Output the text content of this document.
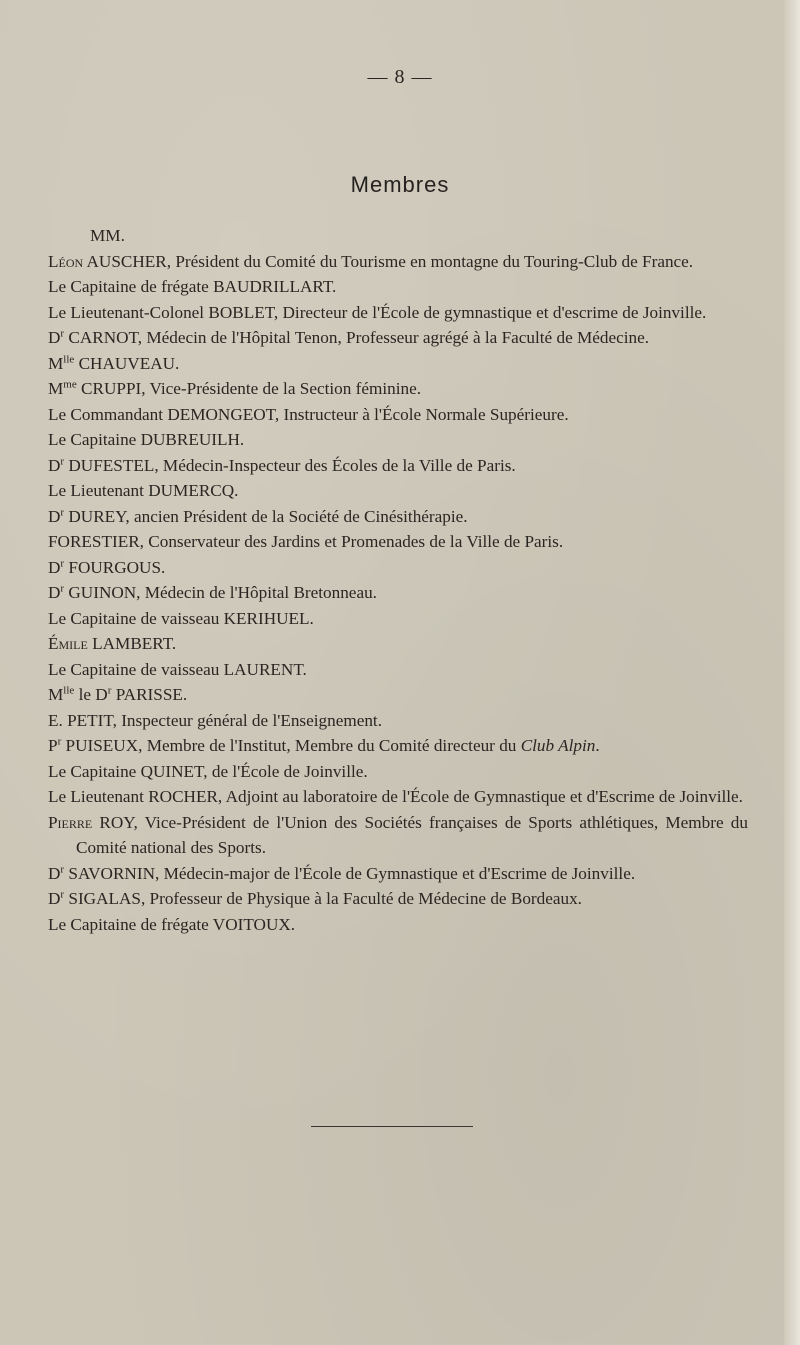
— 8 —
Membres
MM.
Léon AUSCHER, Président du Comité du Tourisme en montagne du Touring-Club de France.
Le Capitaine de frégate BAUDRILLART.
Le Lieutenant-Colonel BOBLET, Directeur de l'École de gymnastique et d'escrime de Joinville.
$D^r$ CARNOT, Médecin de l'Hôpital Tenon, Professeur agrégé à la Faculté de Médecine.
$M^{lle}$ CHAUVEAU.
$M^{me}$ CRUPPI, Vice-Présidente de la Section féminine.
Le Commandant DEMONGEOT, Instructeur à l'École Normale Supérieure.
Le Capitaine DUBREUILH.
$D^r$ DUFESTEL, Médecin-Inspecteur des Écoles de la Ville de Paris.
Le Lieutenant DUMERCQ.
$D^r$ DUREY, ancien Président de la Société de Cinésithérapie.
FORESTIER, Conservateur des Jardins et Promenades de la Ville de Paris.
$D^r$ FOURGOUS.
$D^r$ GUINON, Médecin de l'Hôpital Bretonneau.
Le Capitaine de vaisseau KERIHUEL.
Émile LAMBERT.
Le Capitaine de vaisseau LAURENT.
$M^{lle}$ le $D^r$ PARISSE.
E. PETIT, Inspecteur général de l'Enseignement.
$P^r$ PUISEUX, Membre de l'Institut, Membre du Comité directeur du Club Alpin.
Le Capitaine QUINET, de l'École de Joinville.
Le Lieutenant ROCHER, Adjoint au laboratoire de l'École de Gymnastique et d'Escrime de Joinville.
Pierre ROY, Vice-Président de l'Union des Sociétés françaises de Sports athlétiques, Membre du Comité national des Sports.
$D^r$ SAVORNIN, Médecin-major de l'École de Gymnastique et d'Escrime de Joinville.
$D^r$ SIGALAS, Professeur de Physique à la Faculté de Médecine de Bordeaux.
Le Capitaine de frégate VOITOUX.
